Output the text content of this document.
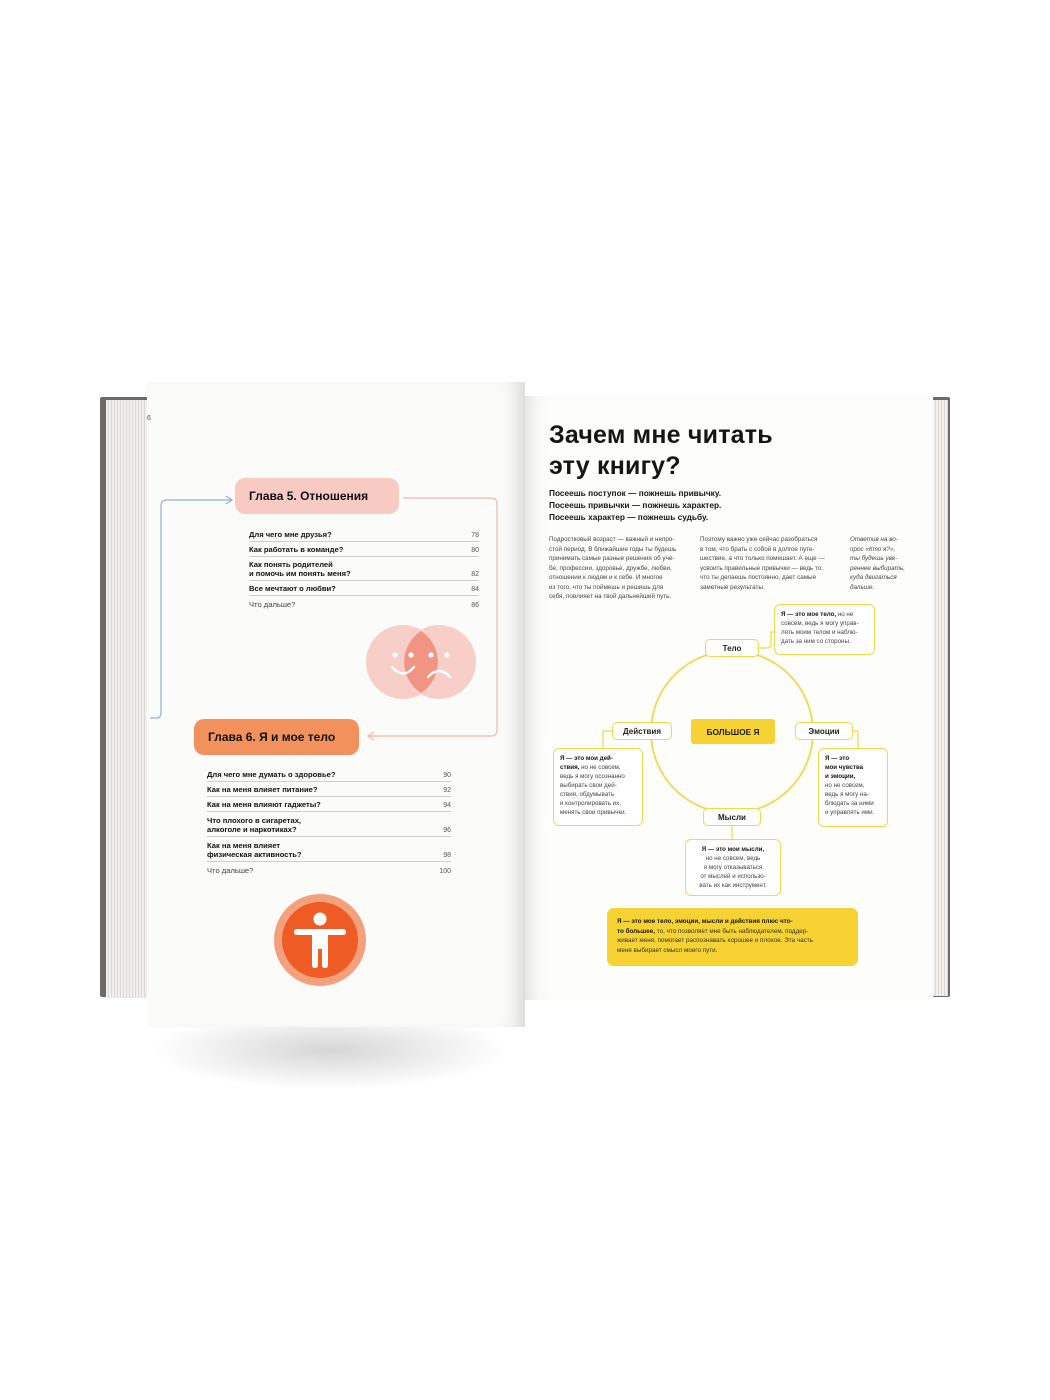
6
Глава 5. Отношения
Для чего мне друзья?	78
Как работать в команде?	80
Как понять родителей
и помочь им понять меня?	82
Все мечтают о любви?	84
Что дальше?	86
Глава 6. Я и мое тело
Для чего мне думать о здоровье?	90
Как на меня влияет питание?	92
Как на меня влияют гаджеты?	94
Что плохого в сигаретах,
алкоголе и наркотиках?	96
Как на меня влияет
физическая активность?	98
Что дальше?	100
Зачем мне читать
эту книгу?
Посеешь поступок — пожнешь привычку.
Посеешь привычки — пожнешь характер.
Посеешь характер — пожнешь судьбу.
Подростковый возраст — важный и непро-
стой период. В ближайшие годы ты будешь
принимать самые разные решения об уче-
бе, профессии, здоровье, дружбе, любви,
отношении к людям и к себе. И многое
из того, что ты поймешь и решишь для
себя, повлияет на твой дальнейший путь.
Поэтому важно уже сейчас разобраться
в том, что брать с собой в долгое путе-
шествие, а что только помешает. А еще —
усвоить правильные привычки — ведь то,
что ты делаешь постоянно, дает самые
заметные результаты.
Ответив на во-
прос «Кто я?»,
ты будешь уве-
реннее выбирать,
куда двигаться
дальше.
Тело
Действия	Эмоции
Мысли
БОЛЬШОЕ Я
Я — это мое тело, но не
совсем, ведь я могу управ-
лять моим телом и наблю-
дать за ним со стороны.
Я — это мои дей-
ствия, но не совсем,
ведь я могу осознанно
выбирать свои дей-
ствия, обдумывать
и контролировать их,
менять свои привычки.
Я — это
мои чувства
и эмоции,
но не совсем,
ведь я могу на-
блюдать за ними
и управлять ими.
Я — это мои мысли,
но не совсем, ведь
я могу отказываться
от мыслей и использо-
вать их как инструмент.
Я — это мое тело, эмоции, мысли и действия плюс что-
то большее, то, что позволяет мне быть наблюдателем, поддер-
живает меня, помогает распознавать хорошее и плохое. Эта часть
меня выбирает смысл моего пути.
